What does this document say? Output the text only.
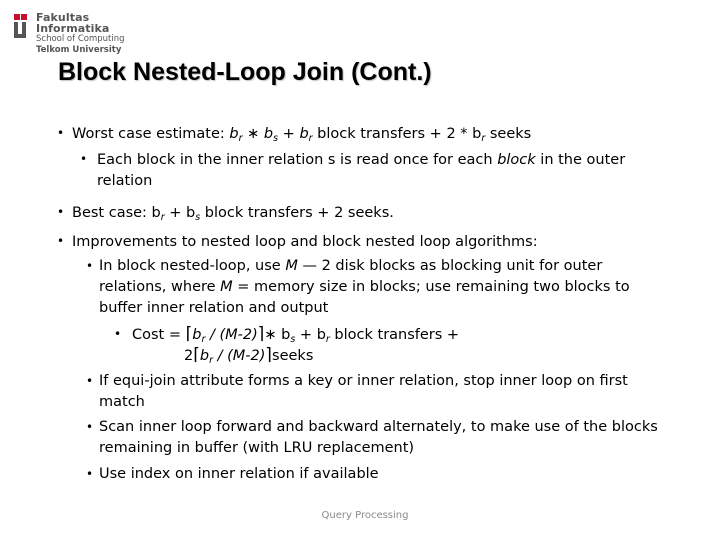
Fakultas Informatika
School of Computing
Telkom University
Block Nested-Loop Join (Cont.)
• Worst case estimate: $b_r$ ∗ $b_s + b_r$ block transfers + $2 * b_r$ seeks
• Each block in the inner relation s is read once for each block in the outer
relation
• Best case: $b_r + b_s$ block transfers + 2 seeks.
• Improvements to nested loop and block nested loop algorithms:
• In block nested-loop, use M — 2 disk blocks as blocking unit for outer
relations, where M = memory size in blocks; use remaining two blocks to
buffer inner relation and output
• Cost = $⌈b_r$ / (M-2)⌉∗ $b_s + b_r$ block transfers +
$2⌈b_r$ / (M-2)⌉seeks
• If equi-join attribute forms a key or inner relation, stop inner loop on first
match
• Scan inner loop forward and backward alternately, to make use of the blocks
remaining in buffer (with LRU replacement)
• Use index on inner relation if available
Query Processing
